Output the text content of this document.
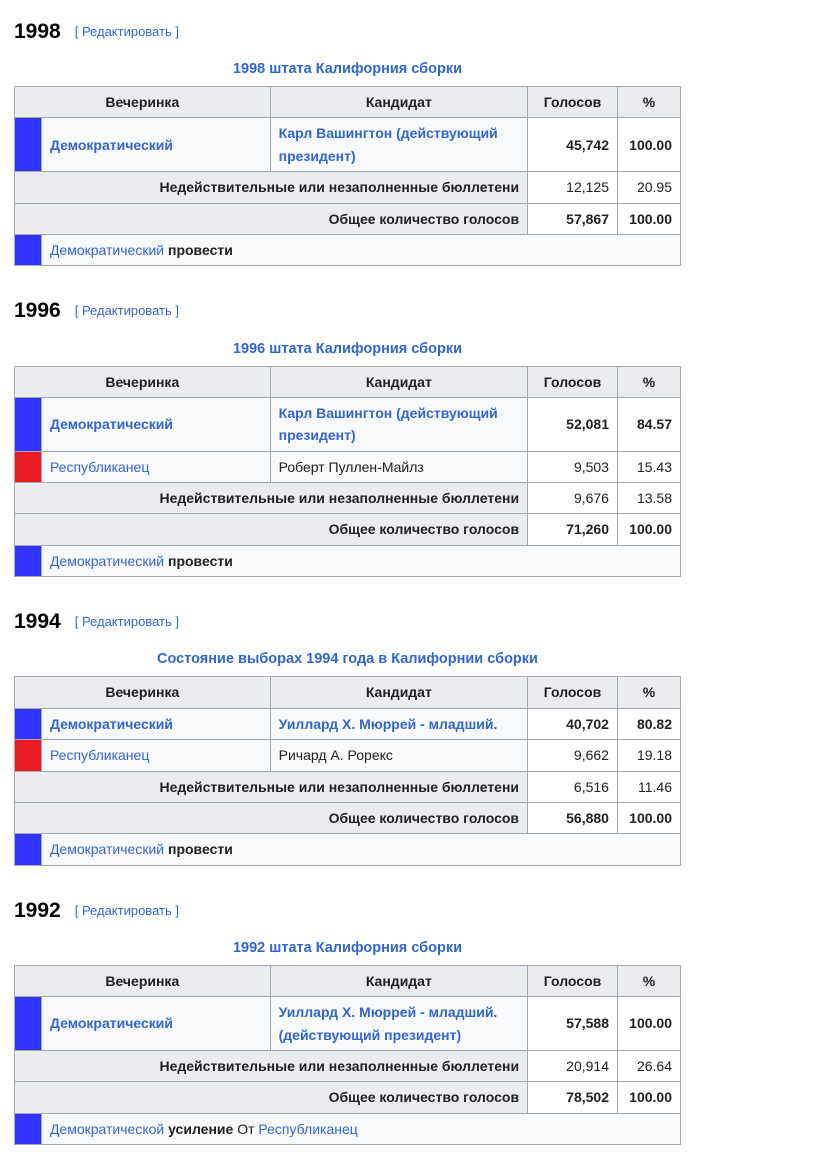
1998 [ Редактировать ]
1998 штата Калифорния сборки
Вечеринка		Кандидат	Голосов	%
	Демократический	Карл Вашингтон (действующий президент)	45,742	100.00
Недействительные или незаполненные бюллетени			12,125	20.95
Общее количество голосов			57,867	100.00
	Демократический провести			
1996 [ Редактировать ]
1996 штата Калифорния сборки
Вечеринка		Кандидат	Голосов	%
	Демократический	Карл Вашингтон (действующий президент)	52,081	84.57
	Республиканец	Роберт Пуллен-Майлз	9,503	15.43
Недействительные или незаполненные бюллетени			9,676	13.58
Общее количество голосов			71,260	100.00
	Демократический провести			
1994 [ Редактировать ]
Состояние выборах 1994 года в Калифорнии сборки
Вечеринка		Кандидат	Голосов	%
	Демократический	Уиллард Х. Мюррей - младший.	40,702	80.82
	Республиканец	Ричард А. Рорекс	9,662	19.18
Недействительные или незаполненные бюллетени			6,516	11.46
Общее количество голосов			56,880	100.00
	Демократический провести			
1992 [ Редактировать ]
1992 штата Калифорния сборки
Вечеринка		Кандидат	Голосов	%
	Демократический	Уиллард Х. Мюррей - младший. (действующий президент)	57,588	100.00
Недействительные или незаполненные бюллетени			20,914	26.64
Общее количество голосов			78,502	100.00
	Демократической усиление От Республиканец			
